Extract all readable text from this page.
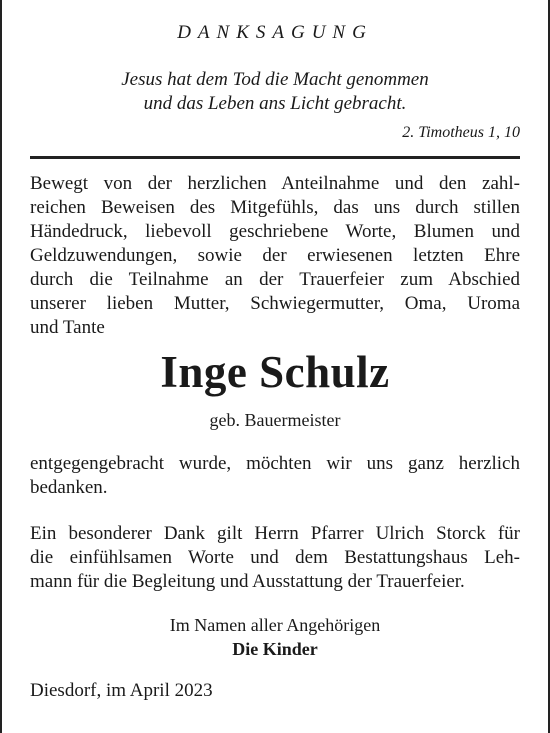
DANKSAGUNG
Jesus hat dem Tod die Macht genommen
und das Leben ans Licht gebracht.
2. Timotheus 1, 10
Bewegt von der herzlichen Anteilnahme und den zahl-
reichen Beweisen des Mitgefühls, das uns durch stillen
Händedruck, liebevoll geschriebene Worte, Blumen und
Geldzuwendungen, sowie der erwiesenen letzten Ehre
durch die Teilnahme an der Trauerfeier zum Abschied
unserer lieben Mutter, Schwiegermutter, Oma, Uroma
und Tante
Inge Schulz
geb. Bauermeister
entgegengebracht wurde, möchten wir uns ganz herzlich
bedanken.
Ein besonderer Dank gilt Herrn Pfarrer Ulrich Storck für
die einfühlsamen Worte und dem Bestattungshaus Leh-
mann für die Begleitung und Ausstattung der Trauerfeier.
Im Namen aller Angehörigen
Die Kinder
Diesdorf, im April 2023
